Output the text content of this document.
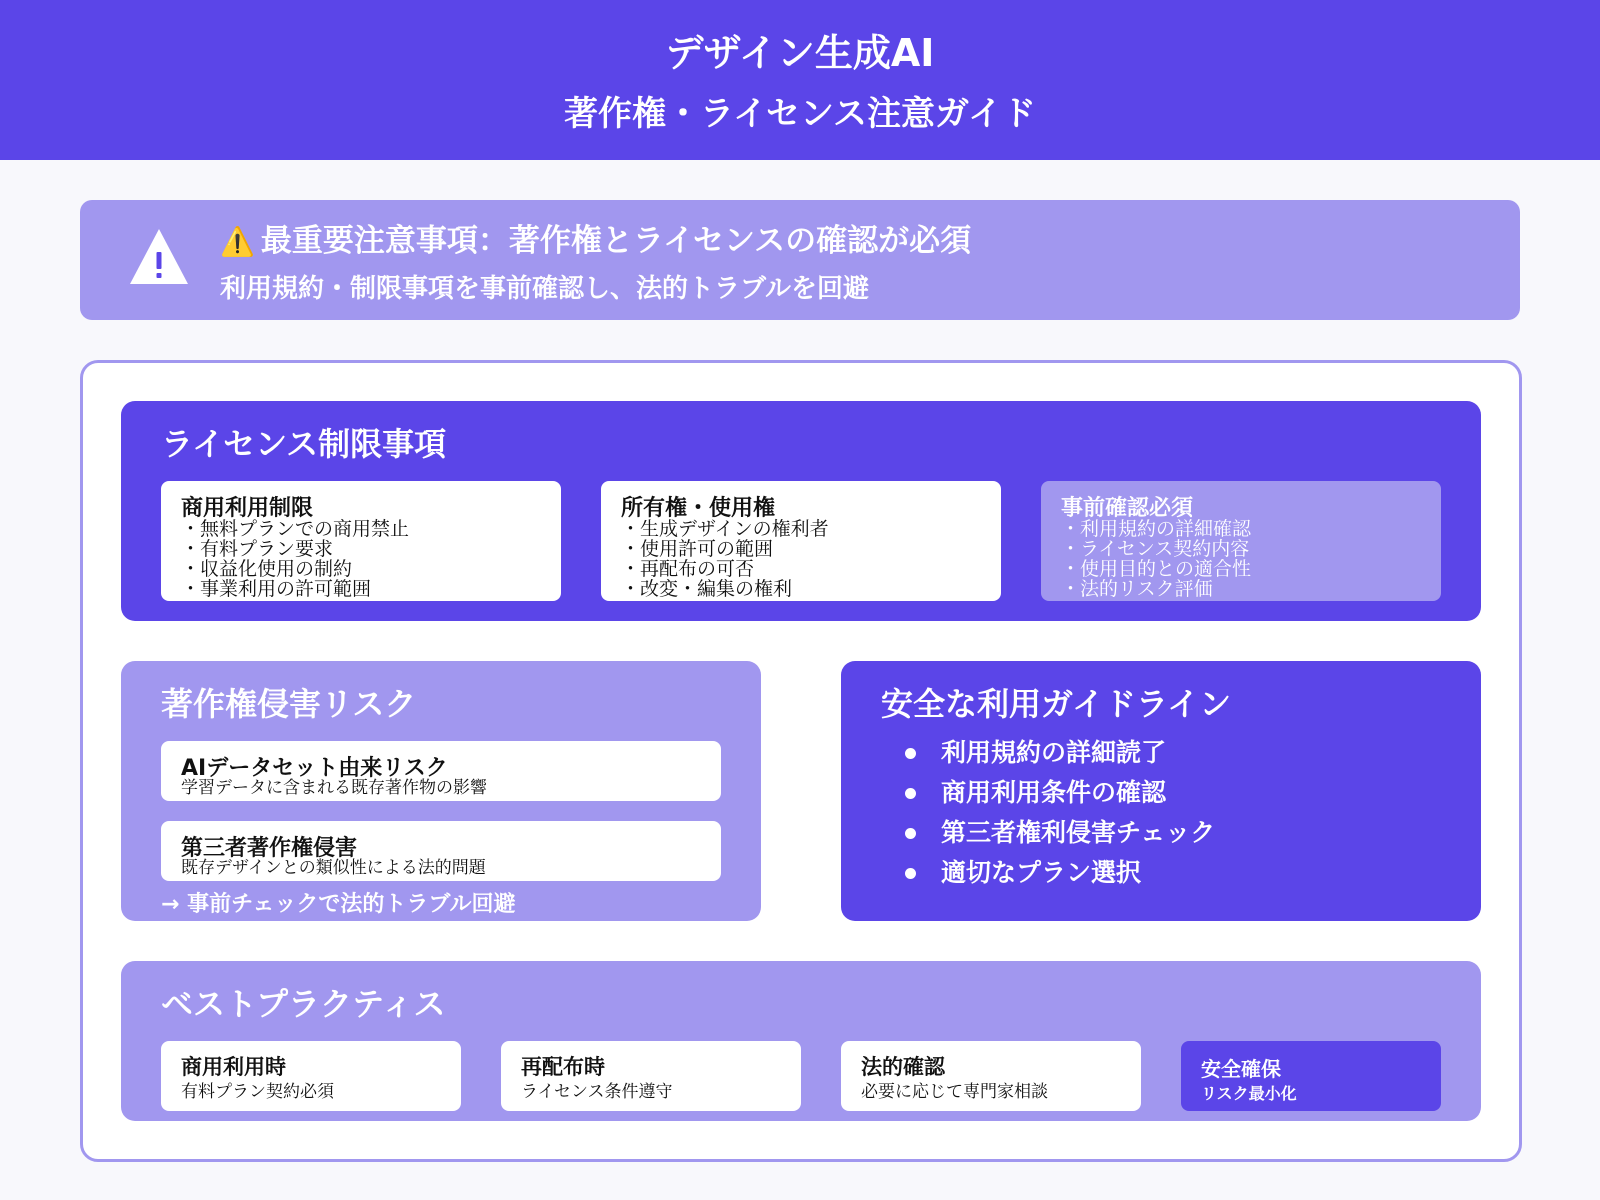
デザイン生成AI
著作権・ライセンス注意ガイド
⚠️ 最重要注意事項：著作権とライセンスの確認が必須
利用規約・制限事項を事前確認し、法的トラブルを回避
ライセンス制限事項
商用利用制限
・無料プランでの商用禁止
・有料プラン要求
・収益化使用の制約
・事業利用の許可範囲
所有権・使用権
・生成デザインの権利者
・使用許可の範囲
・再配布の可否
・改変・編集の権利
事前確認必須
・利用規約の詳細確認
・ライセンス契約内容
・使用目的との適合性
・法的リスク評価
著作権侵害リスク
AIデータセット由来リスク
学習データに含まれる既存著作物の影響
第三者著作権侵害
既存デザインとの類似性による法的問題
→ 事前チェックで法的トラブル回避
安全な利用ガイドライン
利用規約の詳細読了
商用利用条件の確認
第三者権利侵害チェック
適切なプラン選択
ベストプラクティス
商用利用時
有料プラン契約必須
再配布時
ライセンス条件遵守
法的確認
必要に応じて専門家相談
安全確保
リスク最小化
